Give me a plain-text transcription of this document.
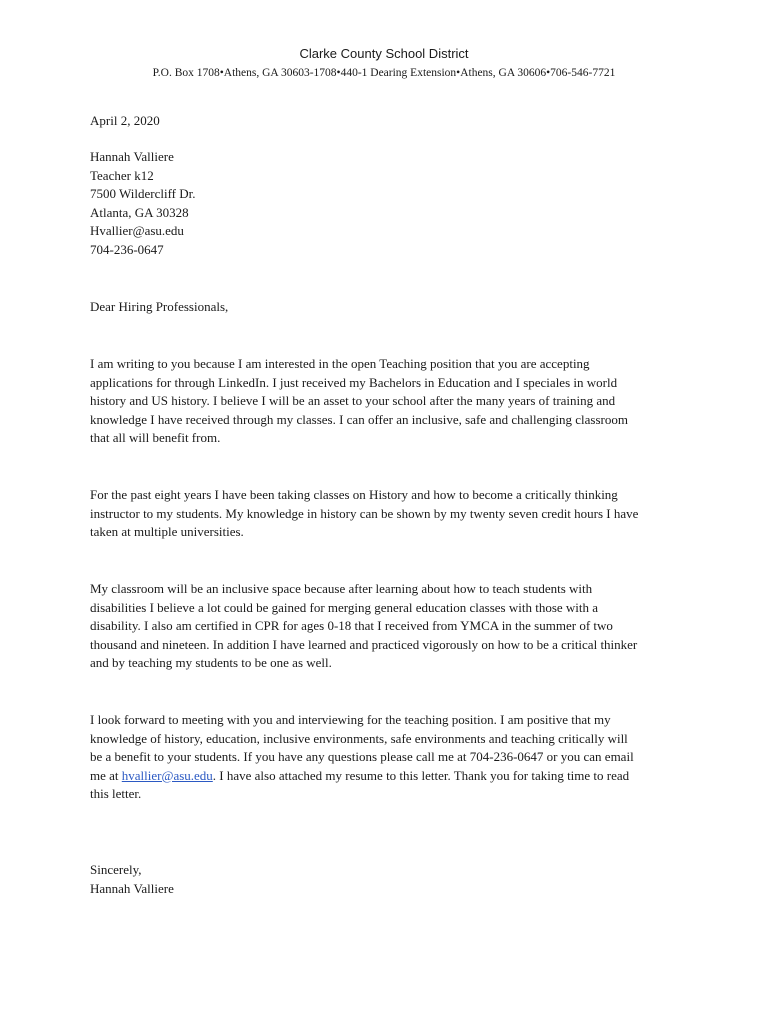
Clarke County School District
P.O. Box 1708•Athens, GA 30603-1708•440-1 Dearing Extension•Athens, GA 30606•706-546-7721
April 2, 2020
Hannah Valliere
Teacher k12
7500 Wildercliff Dr.
Atlanta, GA 30328
Hvallier@asu.edu
704-236-0647
Dear Hiring Professionals,
I am writing to you because I am interested in the open Teaching position that you are accepting
applications for through LinkedIn. I just received my Bachelors in Education and I speciales in world
history and US history. I believe I will be an asset to your school after the many years of training and
knowledge I have received through my classes. I can offer an inclusive, safe and challenging classroom
that all will benefit from.
For the past eight years I have been taking classes on History and how to become a critically thinking
instructor to my students. My knowledge in history can be shown by my twenty seven credit hours I have
taken at multiple universities.
My classroom will be an inclusive space because after learning about how to teach students with
disabilities I believe a lot could be gained for merging general education classes with those with a
disability. I also am certified in CPR for ages 0-18 that I received from YMCA in the summer of two
thousand and nineteen. In addition I have learned and practiced vigorously on how to be a critical thinker
and by teaching my students to be one as well.
I look forward to meeting with you and interviewing for the teaching position. I am positive that my
knowledge of history, education, inclusive environments, safe environments and teaching critically will
be a benefit to your students. If you have any questions please call me at 704-236-0647 or you can email
me at hvallier@asu.edu. I have also attached my resume to this letter. Thank you for taking time to read
this letter.
Sincerely,
Hannah Valliere
